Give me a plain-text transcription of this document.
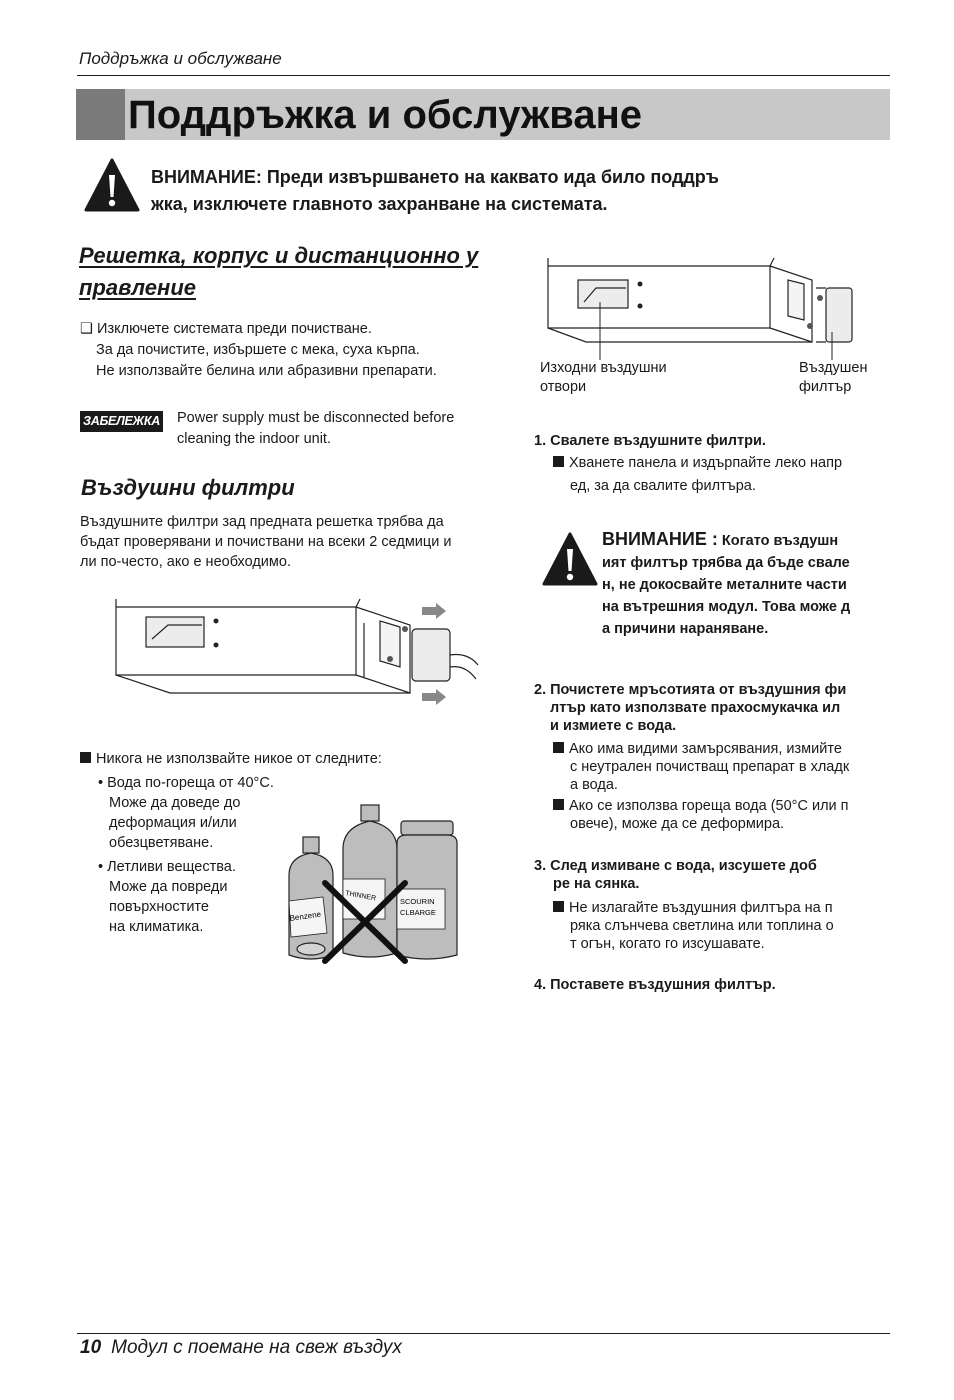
Поддръжка и обслужване
Поддръжка и обслужване
ВНИМАНИЕ: Преди извършването на каквато ида било поддръ
жка, изключете главното захранване на системата.
Решетка, корпус и дистанционно у
правление
❑ Изключете системата преди почистване.
За да почистите, избършете с мека, суха кърпа.
Не използвайте белина или абразивни препарати.
ЗАБЕЛЕЖКА Power supply must be disconnected before
cleaning the indoor unit.
Въздушни филтри
Въздушните филтри зад предната решетка трябва да
бъдат проверявани и почиствани на всеки 2 седмици и
ли по-често, ако е необходимо.
Никога не използвайте никое от следните:
• Вода по-гореща от 40°C.
Може да доведе до
деформация и/или
обезцветяване.
• Летливи вещества.
Може да повреди
повърхностите
на климатика.
Benzene
THINNER	SCOURIN
CLBARGE
Изходни въздушни
отвори
Въздушен
филтър
1. Свалете въздушните филтри.
Хванете панела и издърпайте леко напр
ед, за да свалите филтъра.
ВНИМАНИЕ : Когато въздушн
ият филтър трябва да бъде свале
н, не докосвайте металните части
на вътрешния модул. Това може д
а причини нараняване.
2. Почистете мръсотията от въздушния фи
лтър като използвате прахосмукачка ил
и измиете с вода.
Ако има видими замърсявания, измийте
с неутрален почистващ препарат в хладк
а вода.
Ако се използва гореща вода (50°C или п
овече), може да се деформира.
3. След измиване с вода, изсушете доб
ре на сянка.
Не излагайте въздушния филтъра на п
ряка слънчева светлина или топлина о
т огън, когато го изсушавате.
4. Поставете въздушния филтър.
10 Модул с поемане на свеж въздух
